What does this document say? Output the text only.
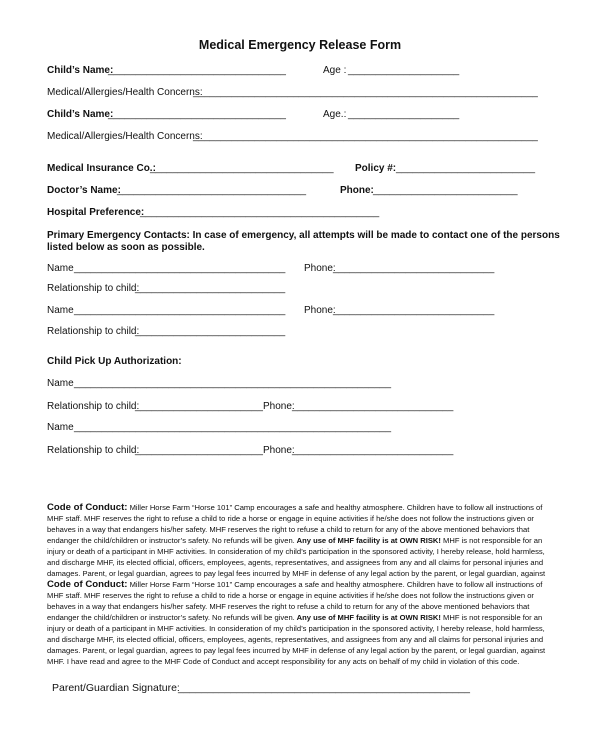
Medical Emergency Release Form
Child’s Name:
________________________________	Age : ____________________
Medical/Allergies/Health Concerns:
______________________________________________________________
Child’s Name:
________________________________	Age.: ____________________
Medical/Allergies/Health Concerns:
______________________________________________________________
Medical Insurance Co.:
_________________________________ Policy #: _________________________
Doctor’s Name:
__________________________________	Phone: __________________________
Hospital Preference:
___________________________________________
Primary Emergency Contacts: In case of emergency, all attempts will be made to contact one of the persons
listed below as soon as possible.
Name ______________________________________ Phone:
_____________________________
Relationship to child:
___________________________
Name ______________________________________ Phone:
_____________________________
Relationship to child:
___________________________
Child Pick Up Authorization:
Name _________________________________________________________
Relationship to child:
_______________________ Phone:
_____________________________
Name _________________________________________________________
Relationship to child:
_______________________ Phone:
_____________________________
Code of Conduct: Miller Horse Farm “Horse 101” Camp encourages a safe and healthy atmosphere. Children have to follow all instructions of
MHF staff. MHF reserves the right to refuse a child to ride a horse or engage in equine activities if he/she does not follow the instructions given or
behaves in a way that endangers his/her safety. MHF reserves the right to refuse a child to return for any of the above mentioned behaviors that
endanger the child/children or instructor’s safety. No refunds will be given. Any use of MHF facility is at OWN RISK! MHF is not responsible for an
injury or death of a participant in MHF activities. In consideration of my child’s participation in the sponsored activity, I hereby release, hold harmless,
and discharge MHF, its elected official, officers, employees, agents, representatives, and assignees from any and all claims for personal injuries and
damages. Parent, or legal guardian, agrees to pay legal fees incurred by MHF in defense of any legal action by the parent, or legal guardian, against
Code of Conduct: Miller Horse Farm “Horse 101” Camp encourages a safe and healthy atmosphere. Children have to follow all instructions of
MHF staff. MHF reserves the right to refuse a child to ride a horse or engage in equine activities if he/she does not follow the instructions given or
behaves in a way that endangers his/her safety. MHF reserves the right to refuse a child to return for any of the above mentioned behaviors that
endanger the child/children or instructor’s safety. No refunds will be given. Any use of MHF facility is at OWN RISK! MHF is not responsible for an
injury or death of a participant in MHF activities. In consideration of my child’s participation in the sponsored activity, I hereby release, hold harmless,
and discharge MHF, its elected official, officers, employees, agents, representatives, and assignees from any and all claims for personal injuries and
damages. Parent, or legal guardian, agrees to pay legal fees incurred by MHF in defense of any legal action by the parent, or legal guardian, against
MHF. I have read and agree to the MHF Code of Conduct and accept responsibility for any acts on behalf of my child in violation of this code.
Parent/Guardian Signature:
__________________________________________________
